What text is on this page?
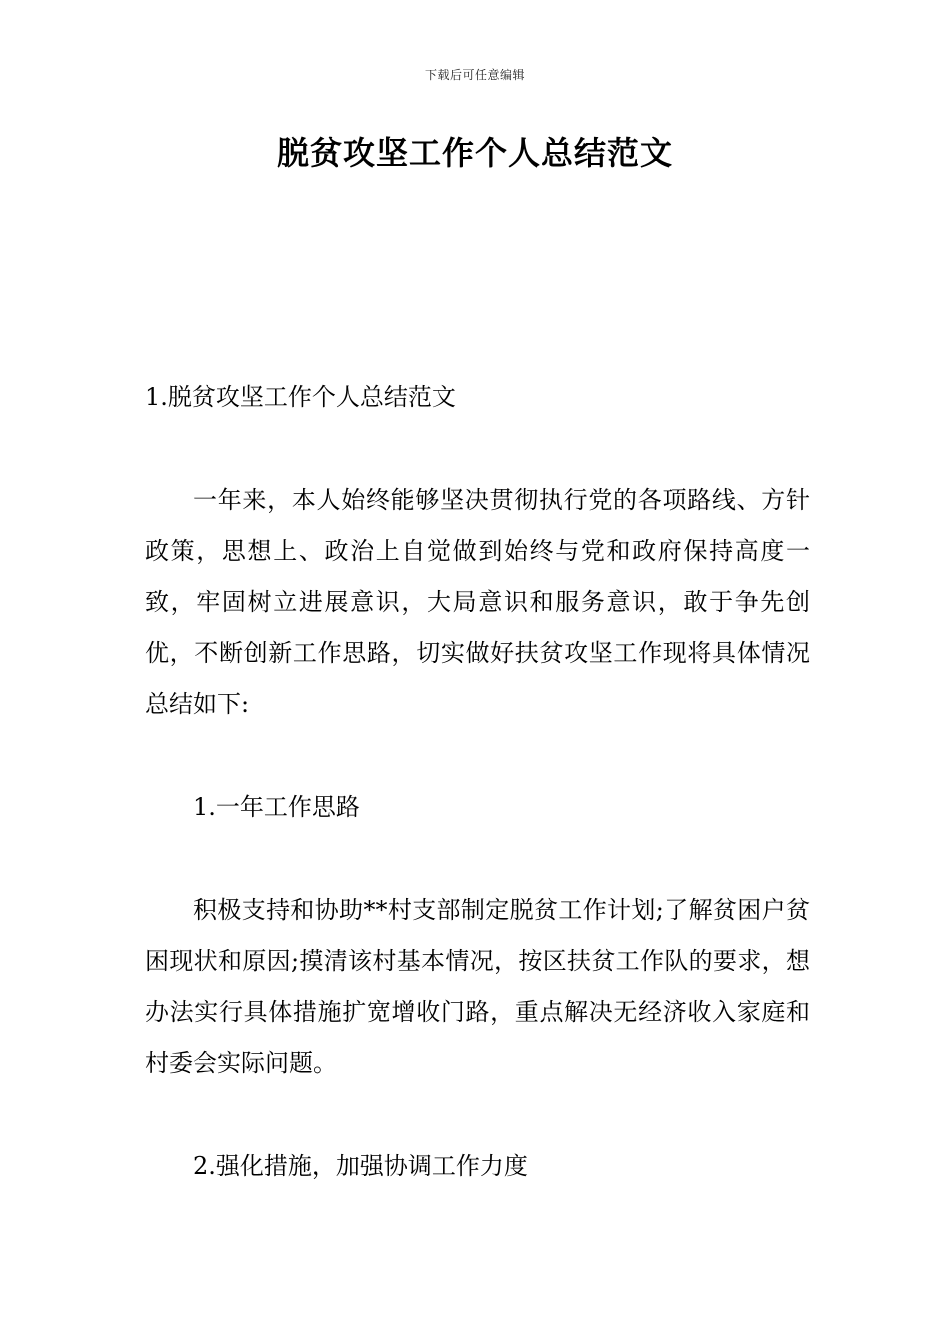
下载后可任意编辑
脱贫攻坚工作个人总结范文

1.脱贫攻坚工作个人总结范文

一年来，本人始终能够坚决贯彻执行党的各项路线、方针政策，思想上、政治上自觉做到始终与党和政府保持高度一致，牢固树立进展意识，大局意识和服务意识，敢于争先创优，不断创新工作思路，切实做好扶贫攻坚工作现将具体情况总结如下:

1.一年工作思路

积极支持和协助**村支部制定脱贫工作计划;了解贫困户贫困现状和原因;摸清该村基本情况，按区扶贫工作队的要求，想办法实行具体措施扩宽增收门路，重点解决无经济收入家庭和村委会实际问题。

2.强化措施，加强协调工作力度
